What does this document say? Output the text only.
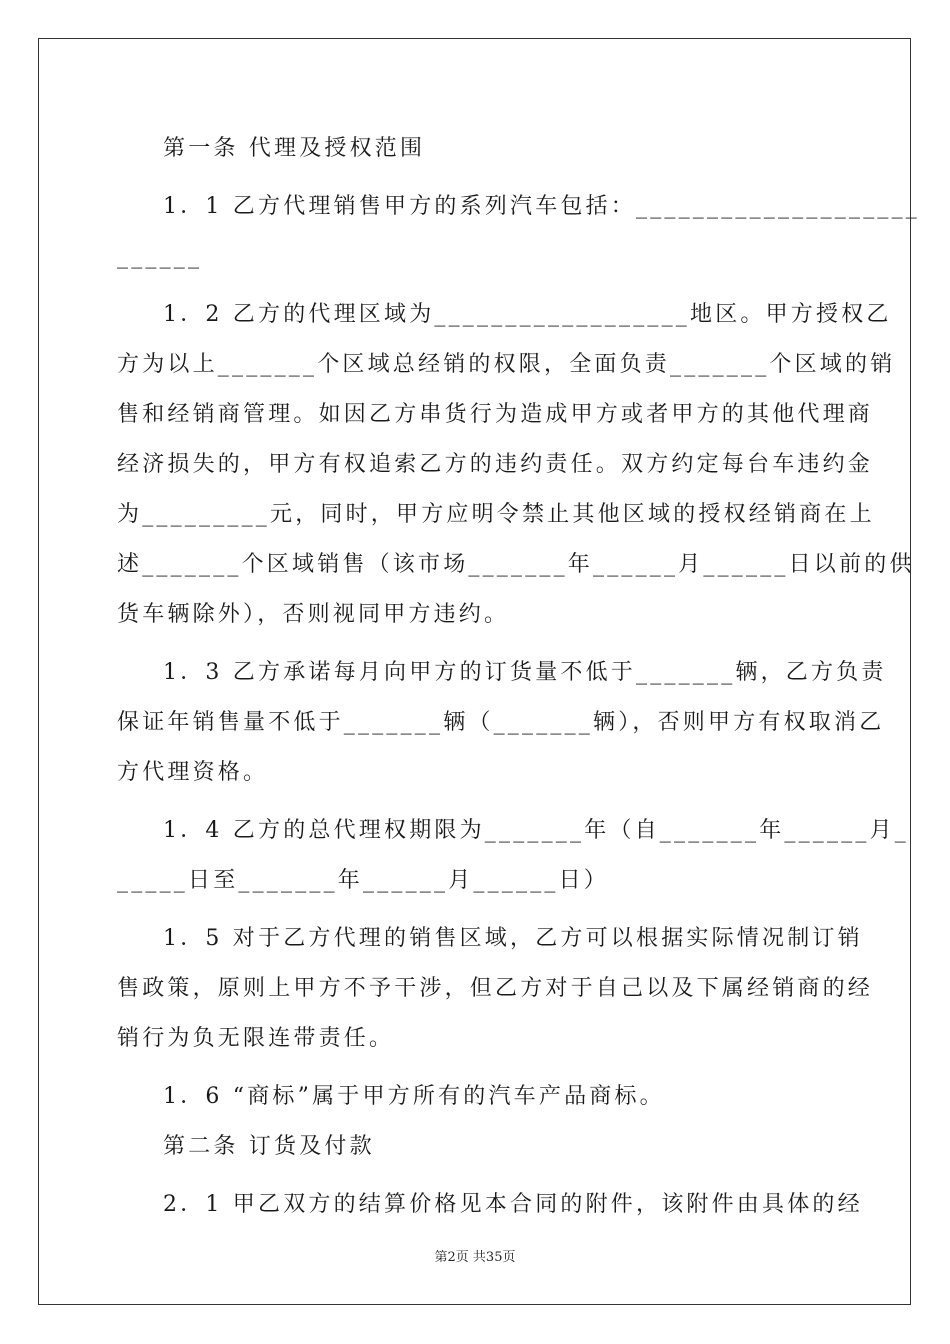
第一条 代理及授权范围
1．1 乙方代理销售甲方的系列汽车包括：____________________
______
1．2 乙方的代理区域为__________________地区。甲方授权乙
方为以上_______个区域总经销的权限，全面负责_______个区域的销
售和经销商管理。如因乙方串货行为造成甲方或者甲方的其他代理商
经济损失的，甲方有权追索乙方的违约责任。双方约定每台车违约金
为_________元，同时，甲方应明令禁止其他区域的授权经销商在上
述_______个区域销售（该市场_______年______月______日以前的供
货车辆除外），否则视同甲方违约。
1．3 乙方承诺每月向甲方的订货量不低于_______辆，乙方负责
保证年销售量不低于_______辆（_______辆），否则甲方有权取消乙
方代理资格。
1．4 乙方的总代理权期限为_______年（自_______年______月_
_____日至_______年______月______日）
1．5 对于乙方代理的销售区域，乙方可以根据实际情况制订销
售政策，原则上甲方不予干涉，但乙方对于自己以及下属经销商的经
销行为负无限连带责任。
1．6 “商标”属于甲方所有的汽车产品商标。
第二条 订货及付款
2．1 甲乙双方的结算价格见本合同的附件，该附件由具体的经
第2页 共35页
